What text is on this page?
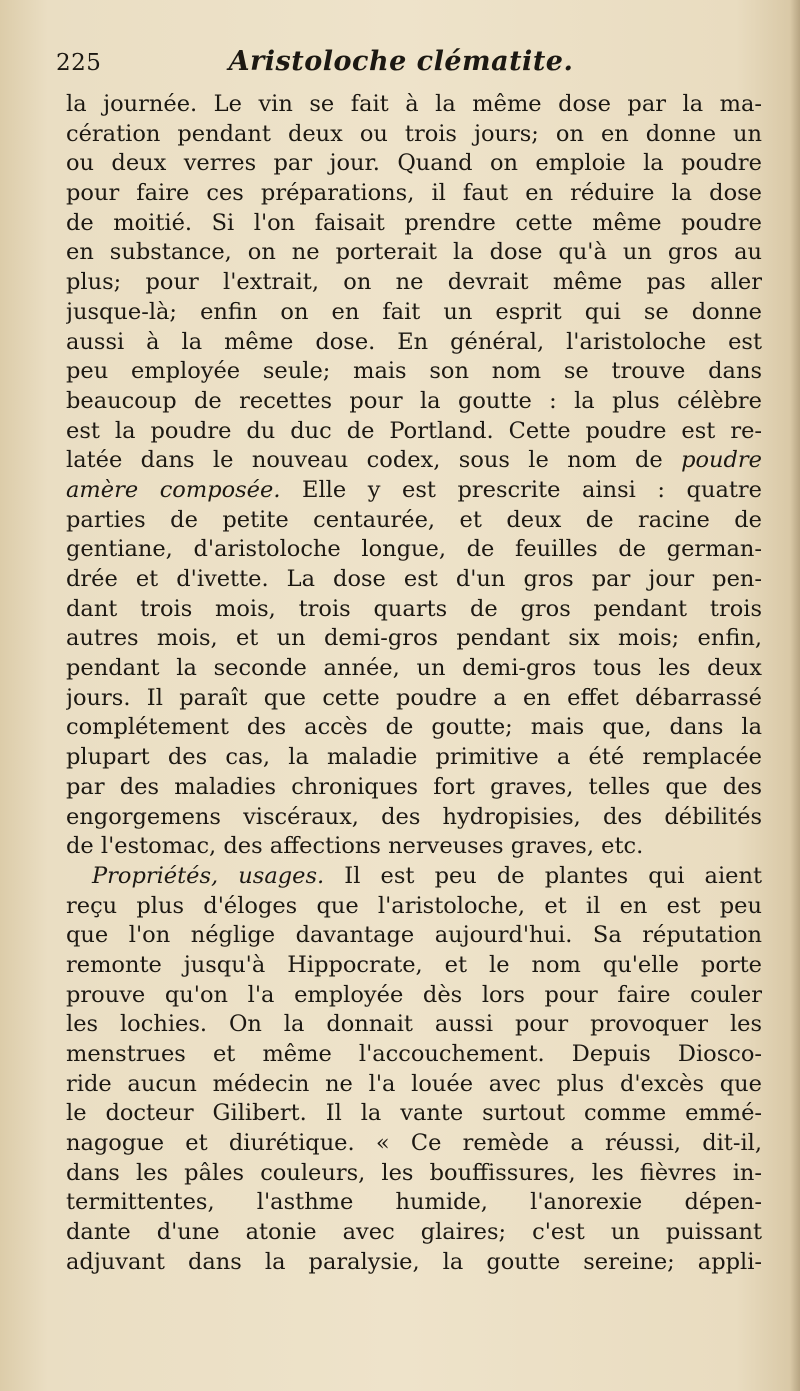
225	Aristoloche clématite.
la journée. Le vin se fait à la même dose par la ma-
cération pendant deux ou trois jours; on en donne un
ou deux verres par jour. Quand on emploie la poudre
pour faire ces préparations, il faut en réduire la dose
de moitié. Si l'on faisait prendre cette même poudre
en substance, on ne porterait la dose qu'à un gros au
plus; pour l'extrait, on ne devrait même pas aller
jusque-là; enfin on en fait un esprit qui se donne
aussi à la même dose. En général, l'aristoloche est
peu employée seule; mais son nom se trouve dans
beaucoup de recettes pour la goutte : la plus célèbre
est la poudre du duc de Portland. Cette poudre est re-
latée dans le nouveau codex, sous le nom de poudre
amère composée. Elle y est prescrite ainsi : quatre
parties de petite centaurée, et deux de racine de
gentiane, d'aristoloche longue, de feuilles de german-
drée et d'ivette. La dose est d'un gros par jour pen-
dant trois mois, trois quarts de gros pendant trois
autres mois, et un demi-gros pendant six mois; enfin,
pendant la seconde année, un demi-gros tous les deux
jours. Il paraît que cette poudre a en effet débarrassé
complétement des accès de goutte; mais que, dans la
plupart des cas, la maladie primitive a été remplacée
par des maladies chroniques fort graves, telles que des
engorgemens viscéraux, des hydropisies, des débilités
de l'estomac, des affections nerveuses graves, etc.
Propriétés, usages. Il est peu de plantes qui aient
reçu plus d'éloges que l'aristoloche, et il en est peu
que l'on néglige davantage aujourd'hui. Sa réputation
remonte jusqu'à Hippocrate, et le nom qu'elle porte
prouve qu'on l'a employée dès lors pour faire couler
les lochies. On la donnait aussi pour provoquer les
menstrues et même l'accouchement. Depuis Diosco-
ride aucun médecin ne l'a louée avec plus d'excès que
le docteur Gilibert. Il la vante surtout comme emmé-
nagogue et diurétique. « Ce remède a réussi, dit-il,
dans les pâles couleurs, les bouffissures, les fièvres in-
termittentes, l'asthme humide, l'anorexie dépen-
dante d'une atonie avec glaires; c'est un puissant
adjuvant dans la paralysie, la goutte sereine; appli-
